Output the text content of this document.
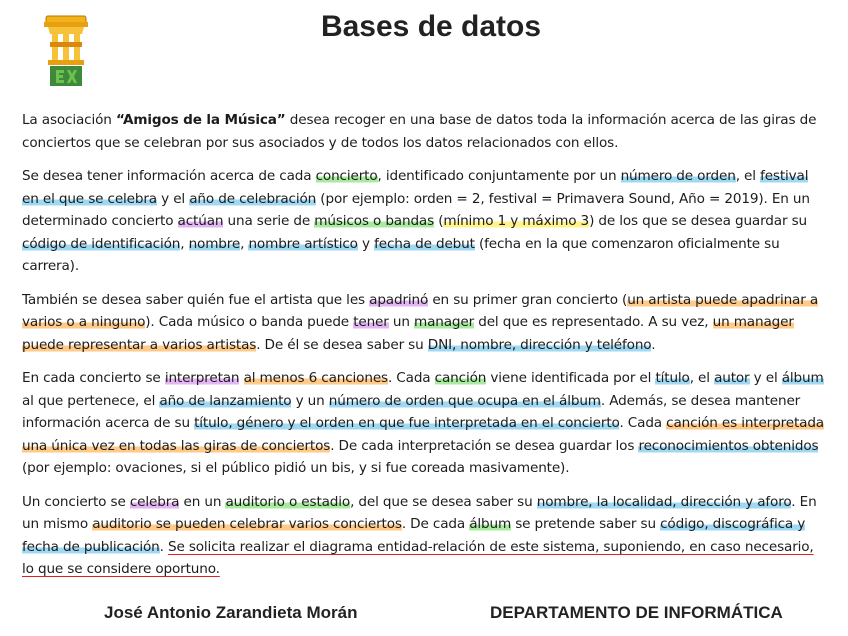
Bases de datos

La asociación “Amigos de la Música” desea recoger en una base de datos toda la información acerca de las giras de conciertos que se celebran por sus asociados y de todos los datos relacionados con ellos.

Se desea tener información acerca de cada concierto, identificado conjuntamente por un número de orden, el festival en el que se celebra y el año de celebración (por ejemplo: orden = 2, festival = Primavera Sound, Año = 2019). En un determinado concierto actúan una serie de músicos o bandas (mínimo 1 y máximo 3) de los que se desea guardar su código de identificación, nombre, nombre artístico y fecha de debut (fecha en la que comenzaron oficialmente su carrera).

También se desea saber quién fue el artista que les apadrinó en su primer gran concierto (un artista puede apadrinar a varios o a ninguno). Cada músico o banda puede tener un manager del que es representado. A su vez, un manager puede representar a varios artistas. De él se desea saber su DNI, nombre, dirección y teléfono.

En cada concierto se interpretan al menos 6 canciones. Cada canción viene identificada por el título, el autor y el álbum al que pertenece, el año de lanzamiento y un número de orden que ocupa en el álbum. Además, se desea mantener información acerca de su título, género y el orden en que fue interpretada en el concierto. Cada canción es interpretada una única vez en todas las giras de conciertos. De cada interpretación se desea guardar los reconocimientos obtenidos (por ejemplo: ovaciones, si el público pidió un bis, y si fue coreada masivamente).

Un concierto se celebra en un auditorio o estadio, del que se desea saber su nombre, la localidad, dirección y aforo. En un mismo auditorio se pueden celebrar varios conciertos. De cada álbum se pretende saber su código, discográfica y fecha de publicación. Se solicita realizar el diagrama entidad-relación de este sistema, suponiendo, en caso necesario, lo que se considere oportuno.

José Antonio Zarandieta Morán	DEPARTAMENTO DE INFORMÁTICA
